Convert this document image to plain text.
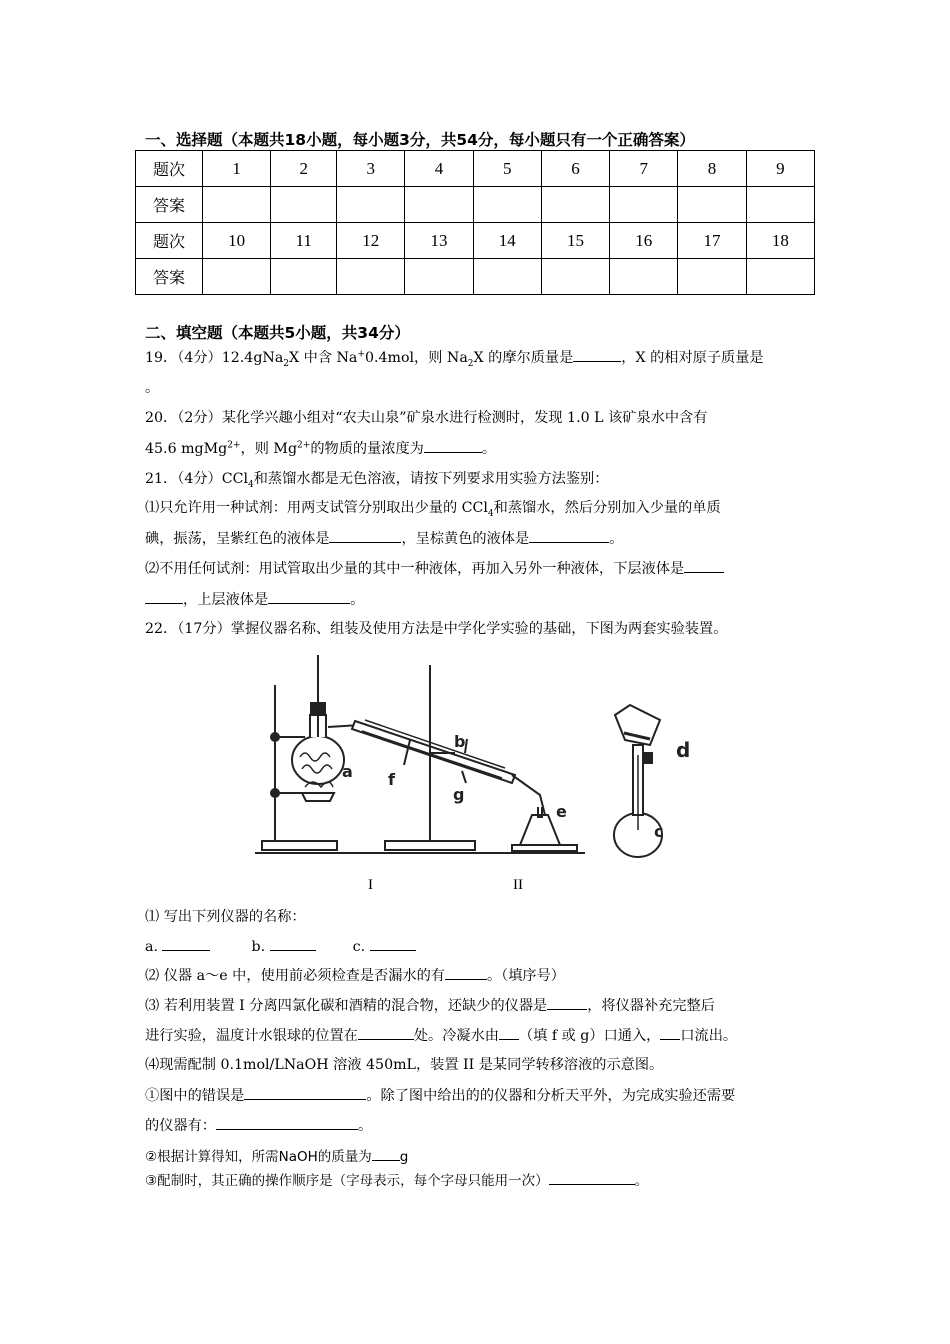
一、选择题（本题共18小题，每小题3分，共54分，每小题只有一个正确答案）
题次	1	2	3	4	5	6	7	8	9
答案									
题次	10	11	12	13	14	15	16	17	18
答案									
二、填空题（本题共5小题，共34分）
19．（4分）12.4gNa$_2$X 中含 Na+0.4mol，则 $Na_2X$ 的摩尔质量是	，X 的相对原子质量是
。
20．（2分）某化学兴趣小组对“农夫山泉”矿泉水进行检测时，发现 1.0 L 该矿泉水中含有
45.6 mgMg$^{2+}$，则 $Mg^{2+}$的物质的量浓度为	。
21．（4分）CCl$_4$和蒸馏水都是无色溶液，请按下列要求用实验方法鉴别：
⑴只允许用一种试剂：用两支试管分别取出少量的 CCl$_4$和蒸馏水，然后分别加入少量的单质
碘，振荡，呈紫红色的液体是	，呈棕黄色的液体是	。
⑵不用任何试剂：用试管取出少量的其中一种液体，再加入另外一种液体，下层液体是
，上层液体是	。
22．（17分）掌握仪器名称、组装及使用方法是中学化学实验的基础，下图为两套实验装置。
a
b
f
g
e
d
c
I	II
⑴ 写出下列仪器的名称：
a.	b.	c.
⑵ 仪器 a～e 中，使用前必须检查是否漏水的有	。（填序号）
⑶ 若利用装置 I 分离四氯化碳和酒精的混合物，还缺少的仪器是	，将仪器补充完整后
进行实验，温度计水银球的位置在	处。冷凝水由 （填 f 或 g）口通入， 口流出。
⑷现需配制 0.1mol/LNaOH 溶液 450mL，装置 II 是某同学转移溶液的示意图。
①图中的错误是	。除了图中给出的的仪器和分析天平外，为完成实验还需要
的仪器有：	。
②根据计算得知，所需NaOH的质量为 g
③配制时，其正确的操作顺序是（字母表示，每个字母只能用一次）	。
